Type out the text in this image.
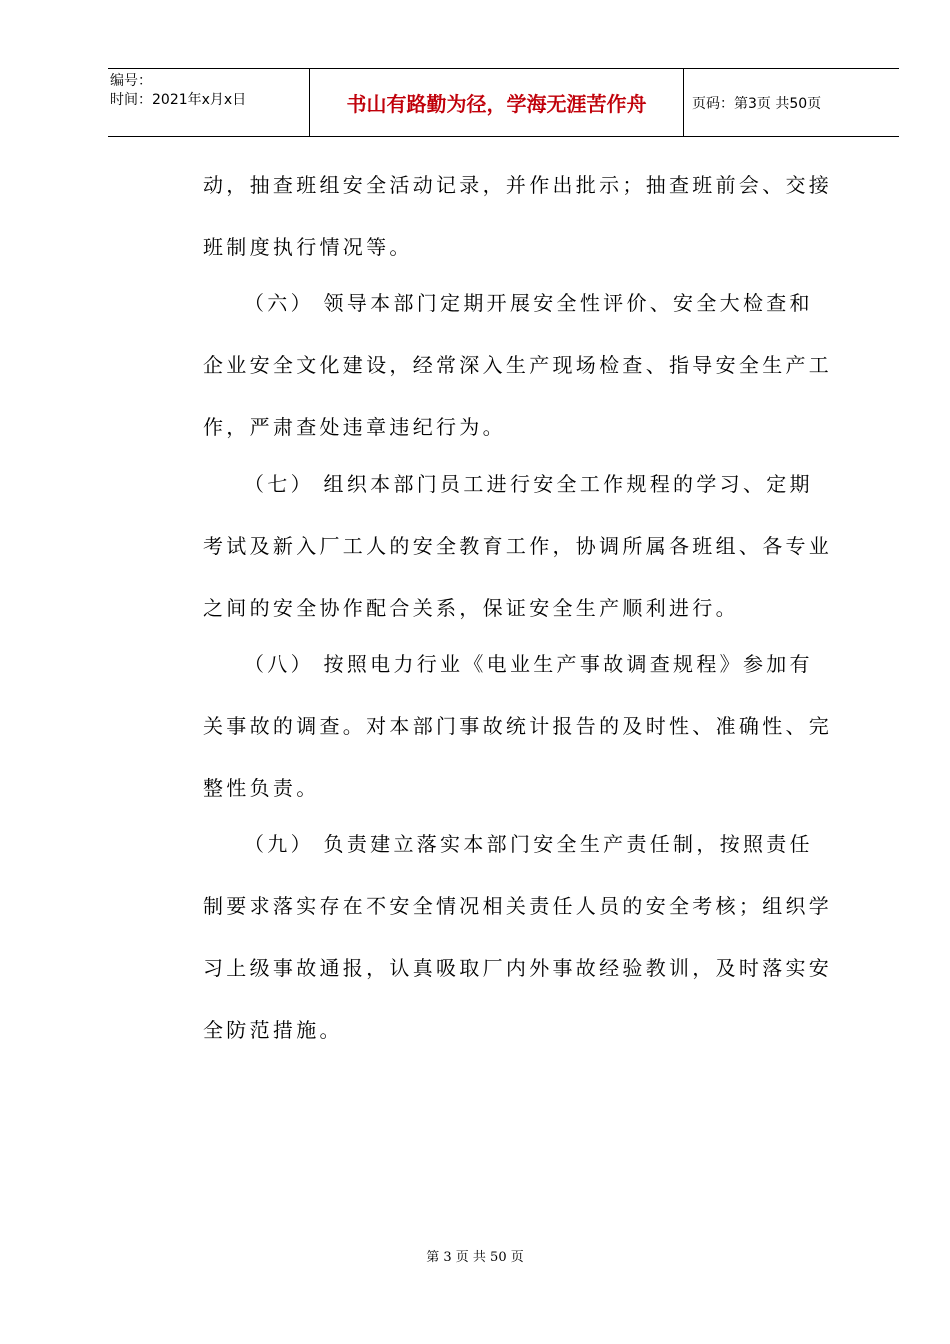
编号：
时间：2021年x月x日	书山有路勤为径，学海无涯苦作舟	页码：第3页 共50页
动，抽查班组安全活动记录，并作出批示；抽查班前会、交接
班制度执行情况等。
（六） 领导本部门定期开展安全性评价、安全大检查和
企业安全文化建设，经常深入生产现场检查、指导安全生产工
作，严肃查处违章违纪行为。
（七） 组织本部门员工进行安全工作规程的学习、定期
考试及新入厂工人的安全教育工作，协调所属各班组、各专业
之间的安全协作配合关系，保证安全生产顺利进行。
（八） 按照电力行业《电业生产事故调查规程》参加有
关事故的调查。对本部门事故统计报告的及时性、准确性、完
整性负责。
（九） 负责建立落实本部门安全生产责任制，按照责任
制要求落实存在不安全情况相关责任人员的安全考核；组织学
习上级事故通报，认真吸取厂内外事故经验教训，及时落实安
全防范措施。
第 3 页 共 50 页
